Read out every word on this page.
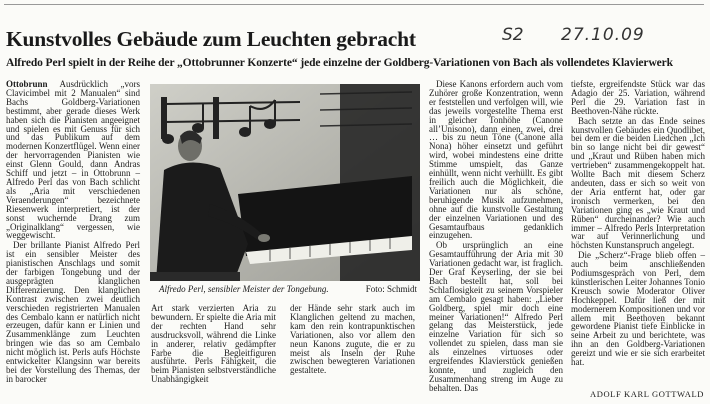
Kunstvolles Gebäude zum Leuchten gebracht	S2 27.10.09
Alfredo Perl spielt in der Reihe der „Ottobrunner Konzerte“ jede einzelne der Goldberg-Variationen von Bach als vollendetes Klavierwerk

Ottobrunn Ausdrücklich „vors Clavicimbel mit 2 Manualen“ sind Bachs Goldberg-Variationen bestimmt, aber gerade dieses Werk haben sich die Pianisten angeeignet und spielen es mit Genuss für sich und das Publikum auf dem modernen Konzertflügel. Wenn einer der hervorragenden Pianisten wie einst Glenn Gould, dann Andras Schiff und jetzt – in Ottobrunn – Alfredo Perl das von Bach schlicht als „Aria mit verschiedenen Veraenderungen“ bezeichnete Riesenwerk interpretiert, ist der sonst wuchernde Drang zum „Originalklang“ vergessen, wie weggewischt.

Der brillante Pianist Alfredo Perl ist ein sensibler Meister des pianistischen Anschlags und somit der farbigen Tongebung und der ausgeprägten klanglichen Differenzierung. Den klanglichen Kontrast zwischen zwei deutlich verschieden registrierten Manualen des Cembalo kann er natürlich nicht erzeugen, dafür kann er Linien und Zusammenklänge zum Leuchten bringen wie das so am Cembalo nicht möglich ist. Perls aufs Höchste entwickelter Klangsinn war bereits bei der Vorstellung des Themas, der in barocker

Alfredo Perl, sensibler Meister der Tongebung.	Foto: Schmidt

Art stark verzierten Aria zu bewundern. Er spielte die Aria mit der rechten Hand sehr ausdrucksvoll, während die Linke in anderer, relativ gedämpfter Farbe die Begleitfiguren ausführte. Perls Fähigkeit, die beim Pianisten selbstverständliche Unabhängigkeit

der Hände sehr stark auch im Klanglichen geltend zu machen, kam den rein kontrapunktischen Variationen, also vor allem den neun Kanons zugute, die er zu meist als Inseln der Ruhe zwischen bewegteren Variationen gestaltete.

Diese Kanons erfordern auch vom Zuhörer große Konzentration, wenn er feststellen und verfolgen will, wie das jeweils vorgestellte Thema erst in gleicher Tonhöhe (Canone all’Unisono), dann einen, zwei, drei … bis zu neun Töne (Canone alla Nona) höher einsetzt und geführt wird, wobei mindestens eine dritte Stimme umspielt, das Ganze einhüllt, wenn nicht verhüllt. Es gibt freilich auch die Möglichkeit, die Variationen nur als schöne, beruhigende Musik aufzunehmen, ohne auf die kunstvolle Gestaltung der einzelnen Variationen und des Gesamtaufbaus gedanklich einzugehen.

Ob ursprünglich an eine Gesamtaufführung der Aria mit 30 Variationen gedacht war, ist fraglich. Der Graf Keyserling, der sie bei Bach bestellt hat, soll bei Schlaflosigkeit zu seinem Vorspieler am Cembalo gesagt haben: „Lieber Goldberg, spiel mir doch eine meiner Variationen!“ Alfredo Perl gelang das Meisterstück, jede einzelne Variation für sich so vollendet zu spielen, dass man sie als einzelnes virtuoses oder ergreifendes Klavierstück genießen konnte, und zugleich den Zusammenhang streng im Auge zu behalten. Das

tiefste, ergreifendste Stück war das Adagio der 25. Variation, während Perl die 29. Variation fast in Beethoven-Nähe rückte.

Bach setzte an das Ende seines kunstvollen Gebäudes ein Quodlibet, bei dem er die beiden Liedchen „Ich bin so lange nicht bei dir gewest“ und „Kraut und Rüben haben mich vertrieben“ zusammengekoppelt hat. Wollte Bach mit diesem Scherz andeuten, dass er sich so weit von der Aria entfernt hat, oder gar ironisch vermerken, bei den Variationen ging es „wie Kraut und Rüben“ durcheinander? Wie auch immer – Alfredo Perls Interpretation war auf Verinnerlichung und höchsten Kunstanspruch angelegt.

Die „Scherz“-Frage blieb offen – auch beim anschließenden Podiumsgespräch von Perl, dem künstlerischen Leiter Johannes Tonio Kreusch sowie Moderator Oliver Hochkeppel. Dafür ließ der mit modernerem Kompositionen und vor allem mit Beethoven bekannt gewordene Pianist tiefe Einblicke in seine Arbeit zu und berichtete, was ihn an den Goldberg-Variationen gereizt und wie er sie sich erarbeitet hat.

ADOLF KARL GOTTWALD
